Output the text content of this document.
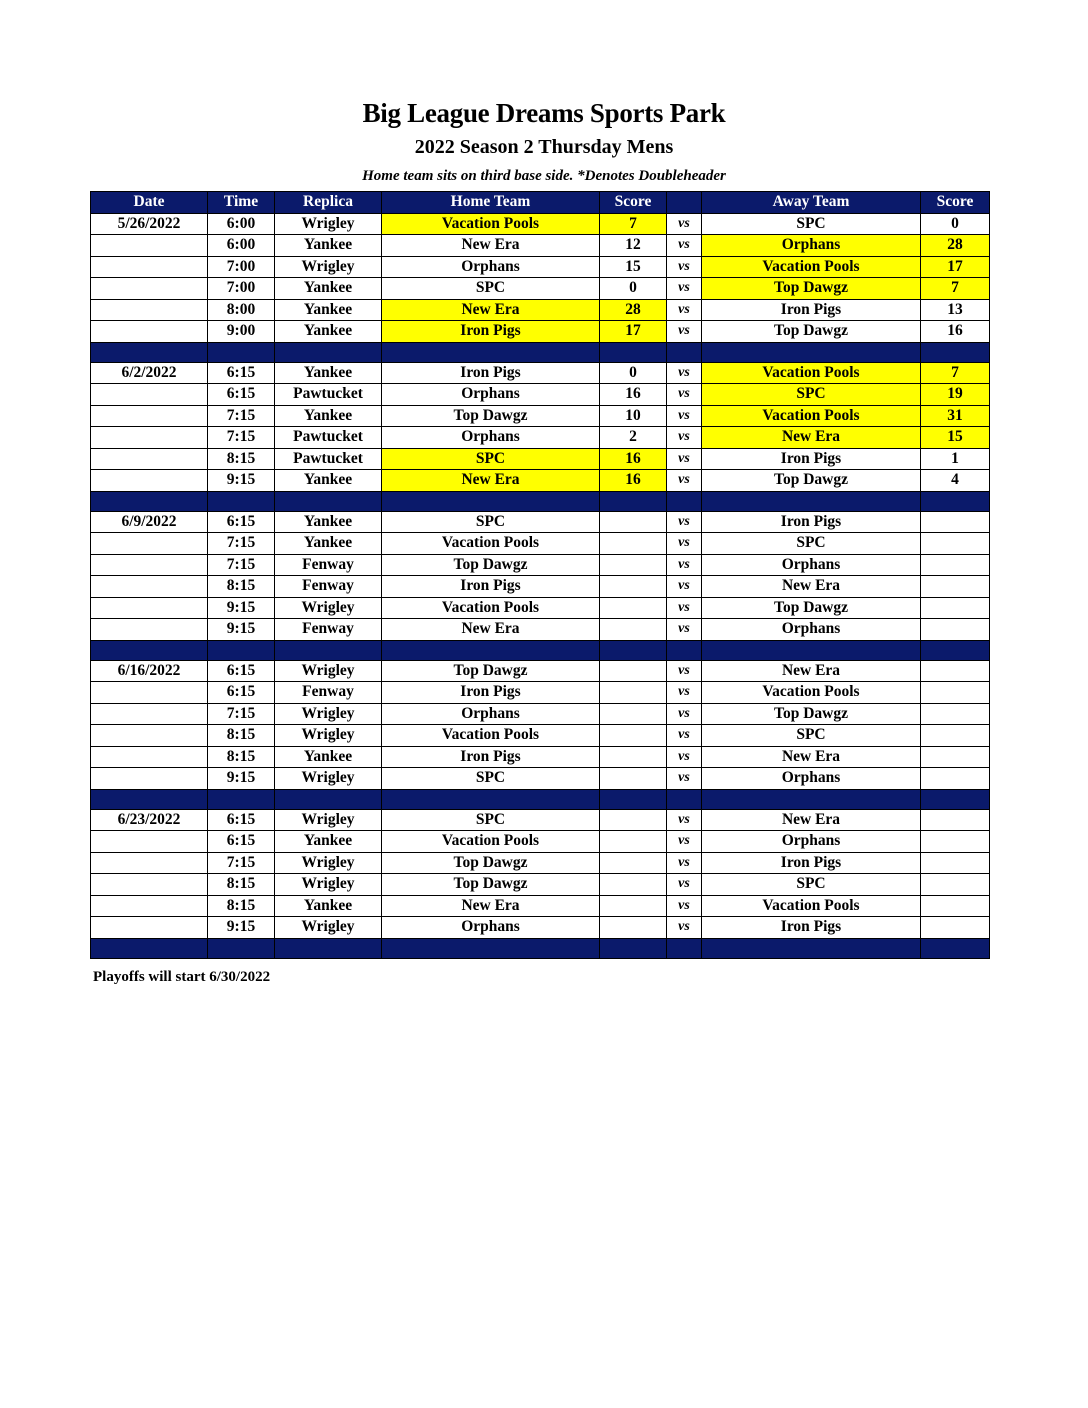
Big League Dreams Sports Park
2022 Season 2 Thursday Mens
Home team sits on third base side. *Denotes Doubleheader
Date	Time	Replica	Home Team	Score		Away Team	Score
5/26/2022	6:00	Wrigley	Vacation Pools	7	vs	SPC	0
	6:00	Yankee	New Era	12	vs	Orphans	28
	7:00	Wrigley	Orphans	15	vs	Vacation Pools	17
	7:00	Yankee	SPC	0	vs	Top Dawgz	7
	8:00	Yankee	New Era	28	vs	Iron Pigs	13
	9:00	Yankee	Iron Pigs	17	vs	Top Dawgz	16

6/2/2022	6:15	Yankee	Iron Pigs	0	vs	Vacation Pools	7
	6:15	Pawtucket	Orphans	16	vs	SPC	19
	7:15	Yankee	Top Dawgz	10	vs	Vacation Pools	31
	7:15	Pawtucket	Orphans	2	vs	New Era	15
	8:15	Pawtucket	SPC	16	vs	Iron Pigs	1
	9:15	Yankee	New Era	16	vs	Top Dawgz	4

6/9/2022	6:15	Yankee	SPC		vs	Iron Pigs	
	7:15	Yankee	Vacation Pools		vs	SPC	
	7:15	Fenway	Top Dawgz		vs	Orphans	
	8:15	Fenway	Iron Pigs		vs	New Era	
	9:15	Wrigley	Vacation Pools		vs	Top Dawgz	
	9:15	Fenway	New Era		vs	Orphans	

6/16/2022	6:15	Wrigley	Top Dawgz		vs	New Era	
	6:15	Fenway	Iron Pigs		vs	Vacation Pools	
	7:15	Wrigley	Orphans		vs	Top Dawgz	
	8:15	Wrigley	Vacation Pools		vs	SPC	
	8:15	Yankee	Iron Pigs		vs	New Era	
	9:15	Wrigley	SPC		vs	Orphans	

6/23/2022	6:15	Wrigley	SPC		vs	New Era	
	6:15	Yankee	Vacation Pools		vs	Orphans	
	7:15	Wrigley	Top Dawgz		vs	Iron Pigs	
	8:15	Wrigley	Top Dawgz		vs	SPC	
	8:15	Yankee	New Era		vs	Vacation Pools	
	9:15	Wrigley	Orphans		vs	Iron Pigs	

Playoffs will start 6/30/2022
